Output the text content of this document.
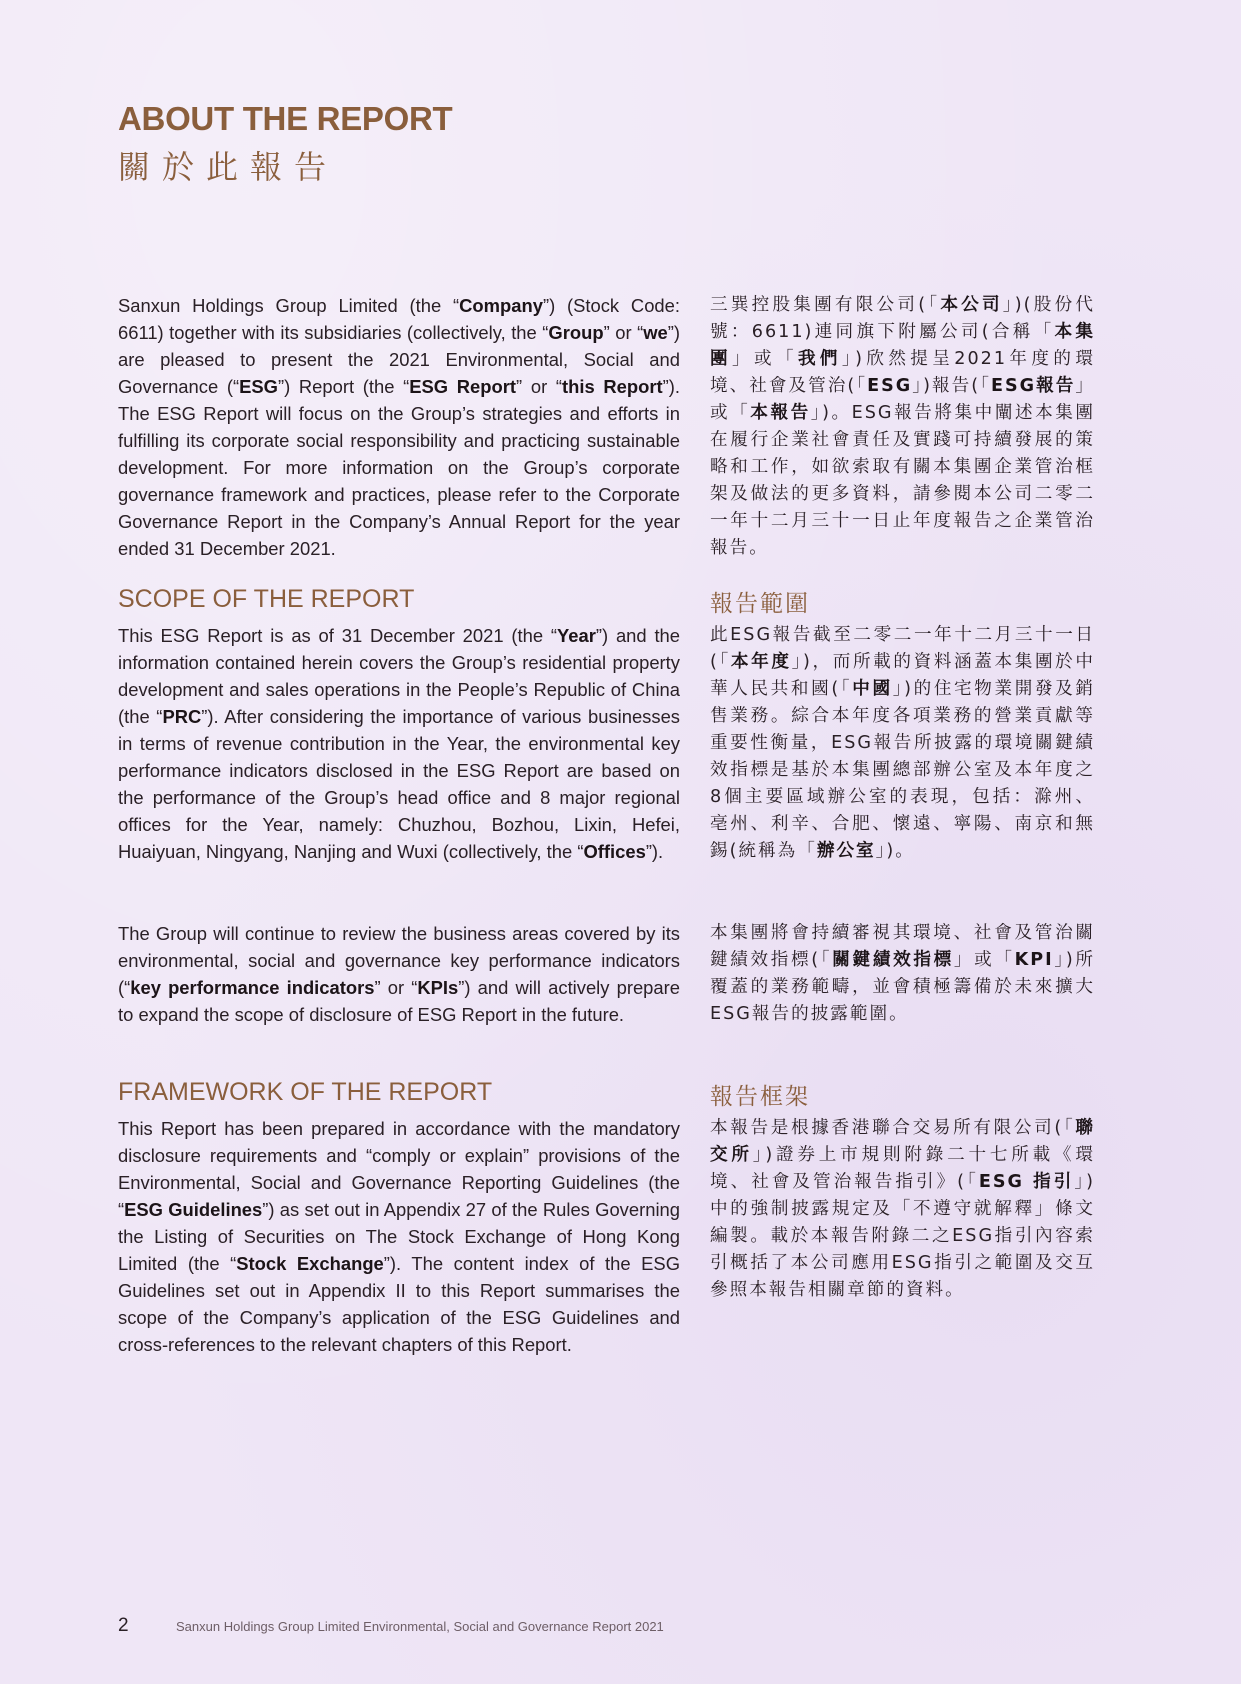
ABOUT THE REPORT
關於此報告

Sanxun Holdings Group Limited (the “Company”) (Stock Code: 6611) together with its subsidiaries (collectively, the “Group” or “we”) are pleased to present the 2021 Environmental, Social and Governance (“ESG”) Report (the “ESG Report” or “this Report”). The ESG Report will focus on the Group’s strategies and efforts in fulfilling its corporate social responsibility and practicing sustainable development. For more information on the Group’s corporate governance framework and practices, please refer to the Corporate Governance Report in the Company’s Annual Report for the year ended 31 December 2021.

三巽控股集團有限公司(「本公司」)(股份代號：6611)連同旗下附屬公司(合稱「本集團」或「我們」)欣然提呈2021年度的環境、社會及管治(「ESG」)報告(「ESG報告」或「本報告」)。ESG報告將集中闡述本集團在履行企業社會責任及實踐可持續發展的策略和工作，如欲索取有關本集團企業管治框架及做法的更多資料，請參閱本公司二零二一年十二月三十一日止年度報告之企業管治報告。

SCOPE OF THE REPORT	報告範圍

This ESG Report is as of 31 December 2021 (the “Year”) and the information contained herein covers the Group’s residential property development and sales operations in the People’s Republic of China (the “PRC”). After considering the importance of various businesses in terms of revenue contribution in the Year, the environmental key performance indicators disclosed in the ESG Report are based on the performance of the Group’s head office and 8 major regional offices for the Year, namely: Chuzhou, Bozhou, Lixin, Hefei, Huaiyuan, Ningyang, Nanjing and Wuxi (collectively, the “Offices”).

此ESG報告截至二零二一年十二月三十一日(「本年度」)，而所載的資料涵蓋本集團於中華人民共和國(「中國」)的住宅物業開發及銷售業務。綜合本年度各項業務的營業貢獻等重要性衡量，ESG報告所披露的環境關鍵績效指標是基於本集團總部辦公室及本年度之8個主要區域辦公室的表現，包括：滁州、亳州、利辛、合肥、懷遠、寧陽、南京和無錫(統稱為「辦公室」)。

The Group will continue to review the business areas covered by its environmental, social and governance key performance indicators (“key performance indicators” or “KPIs”) and will actively prepare to expand the scope of disclosure of ESG Report in the future.

本集團將會持續審視其環境、社會及管治關鍵績效指標(「關鍵績效指標」或「KPI」)所覆蓋的業務範疇，並會積極籌備於未來擴大ESG報告的披露範圍。

FRAMEWORK OF THE REPORT	報告框架

This Report has been prepared in accordance with the mandatory disclosure requirements and “comply or explain” provisions of the Environmental, Social and Governance Reporting Guidelines (the “ESG Guidelines”) as set out in Appendix 27 of the Rules Governing the Listing of Securities on The Stock Exchange of Hong Kong Limited (the “Stock Exchange”). The content index of the ESG Guidelines set out in Appendix II to this Report summarises the scope of the Company’s application of the ESG Guidelines and cross-references to the relevant chapters of this Report.

本報告是根據香港聯合交易所有限公司(「聯交所」)證券上市規則附錄二十七所載《環境、社會及管治報告指引》(「ESG 指引」)中的強制披露規定及「不遵守就解釋」條文編製。載於本報告附錄二之ESG指引內容索引概括了本公司應用ESG指引之範圍及交互參照本報告相關章節的資料。

2	Sanxun Holdings Group Limited Environmental, Social and Governance Report 2021
